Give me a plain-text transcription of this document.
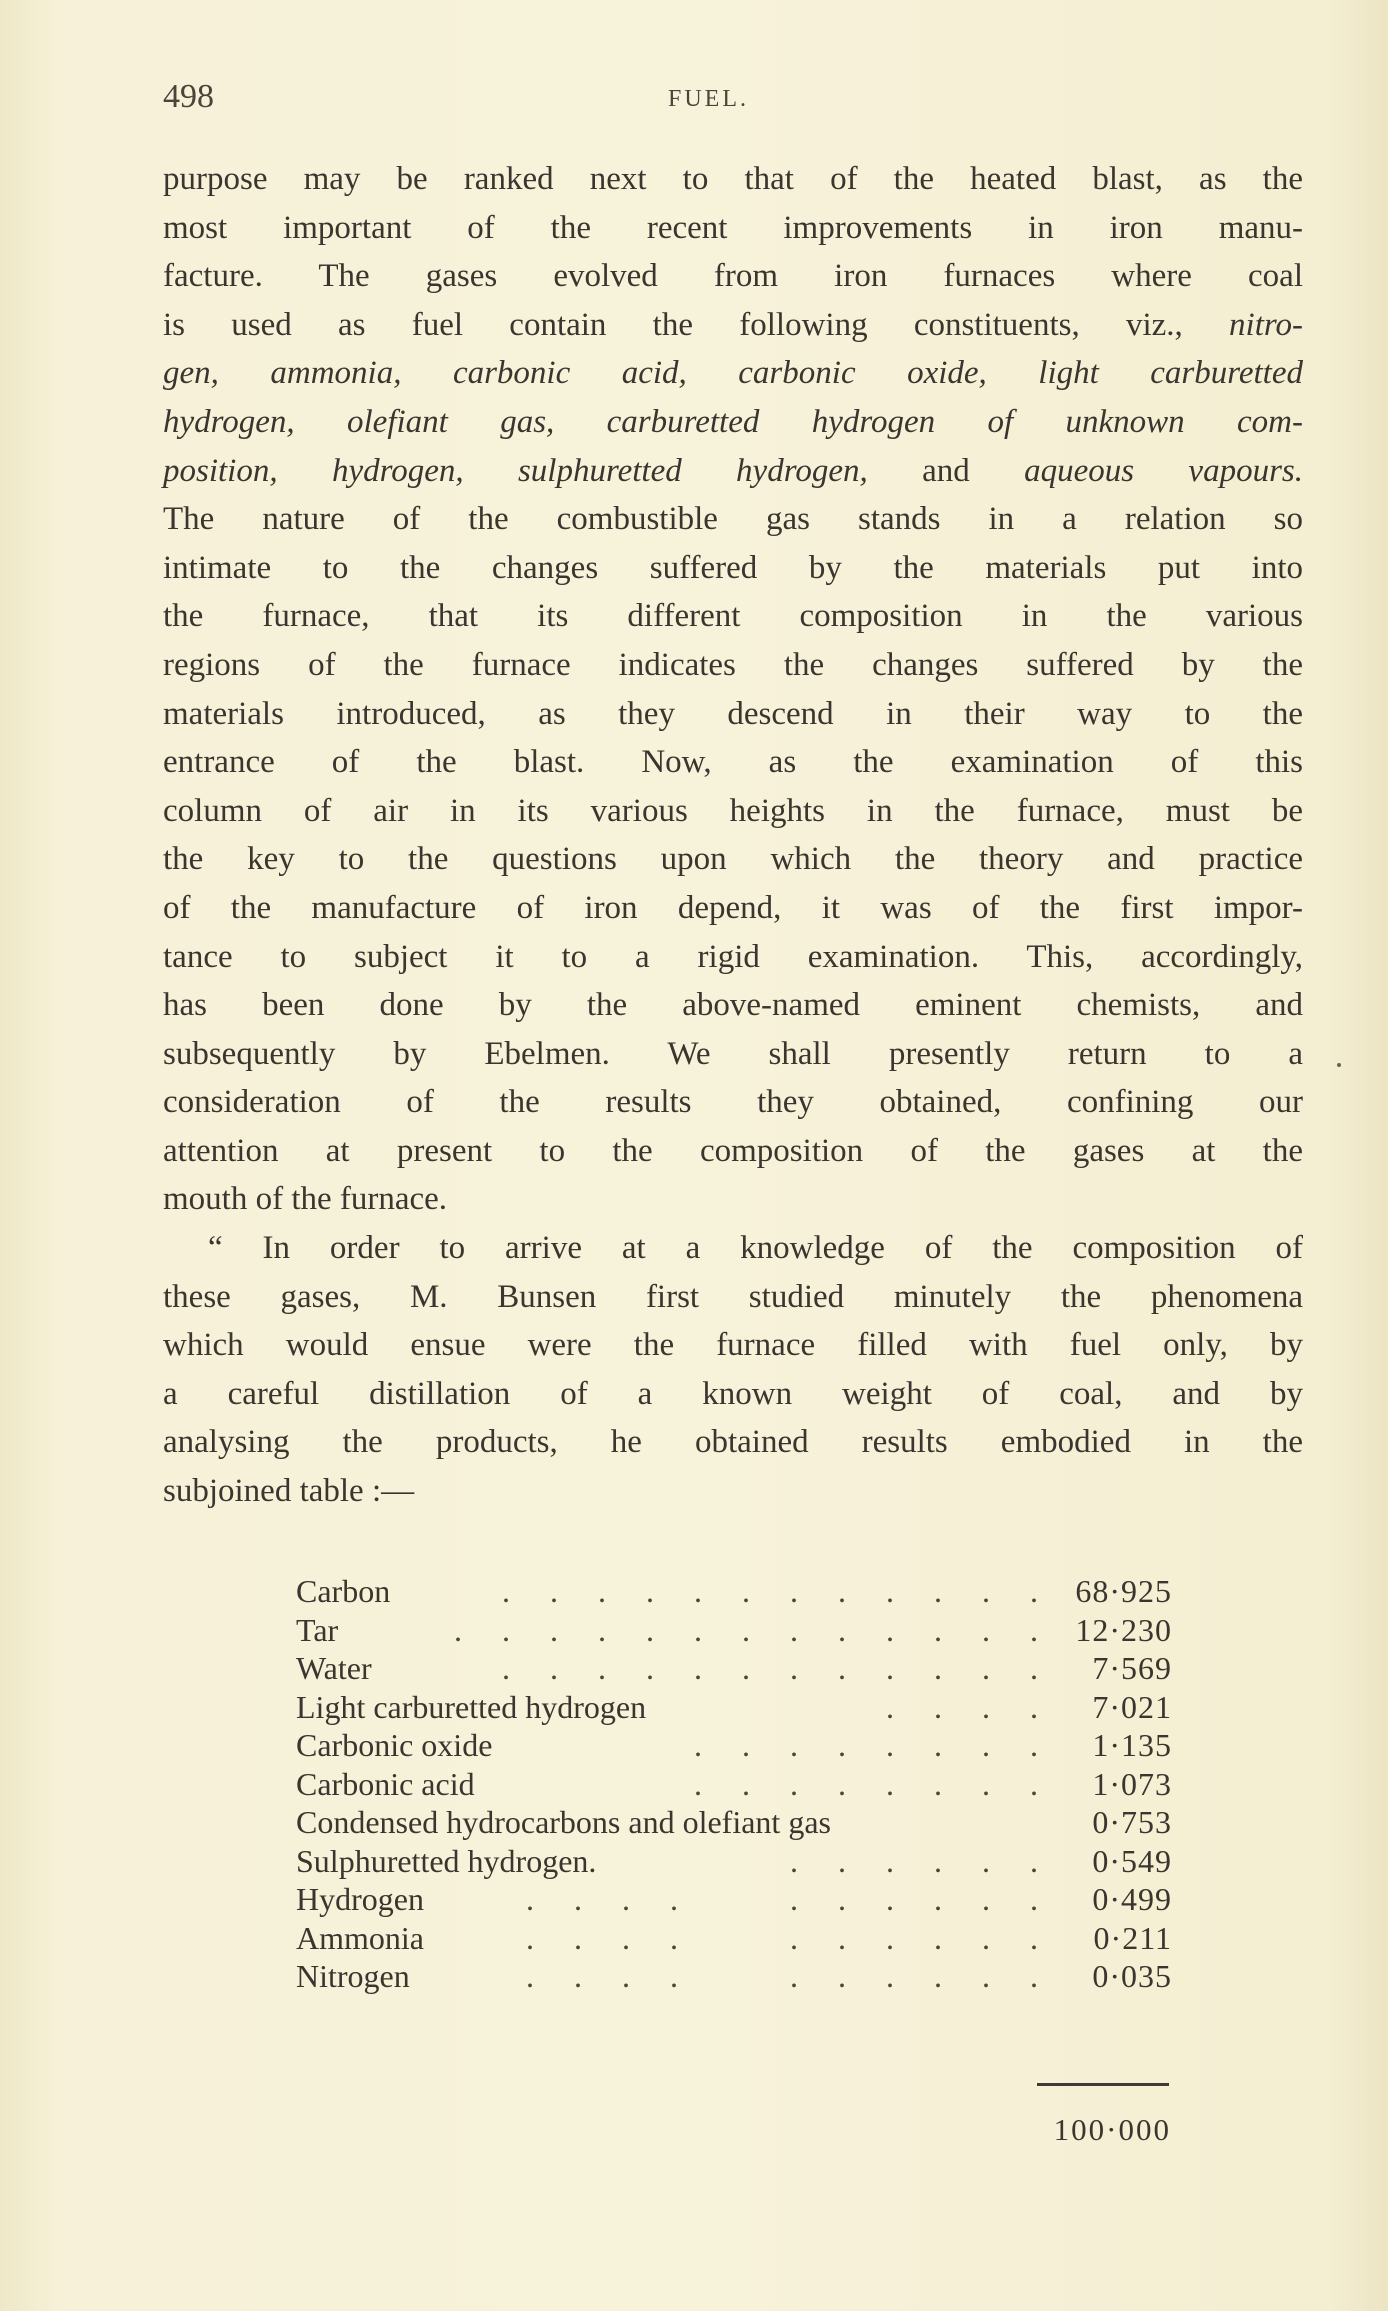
498	FUEL.
purpose may be ranked next to that of the heated blast, as the
most important of the recent improvements in iron manu-
facture. The gases evolved from iron furnaces where coal
is used as fuel contain the following constituents, viz., nitro-
gen, ammonia, carbonic acid, carbonic oxide, light carburetted
hydrogen, olefiant gas, carburetted hydrogen of unknown com-
position, hydrogen, sulphuretted hydrogen, and aqueous vapours.
The nature of the combustible gas stands in a relation so
intimate to the changes suffered by the materials put into
the furnace, that its different composition in the various
regions of the furnace indicates the changes suffered by the
materials introduced, as they descend in their way to the
entrance of the blast. Now, as the examination of this
column of air in its various heights in the furnace, must be
the key to the questions upon which the theory and practice
of the manufacture of iron depend, it was of the first impor-
tance to subject it to a rigid examination. This, accordingly,
has been done by the above-named eminent chemists, and
subsequently by Ebelmen. We shall presently return to a
consideration of the results they obtained, confining our
attention at present to the composition of the gases at the
mouth of the furnace.
“ In order to arrive at a knowledge of the composition of
these gases, M. Bunsen first studied minutely the phenomena
which would ensue were the furnace filled with fuel only, by
a careful distillation of a known weight of coal, and by
analysing the products, he obtained results embodied in the
subjoined table :—
Carbon	. . . . . . . . . . . . 68·925
Tar	. . . . . . . . . . . . . 12·230
Water	. . . . . . . . . . . . 7·569
Light carburetted hydrogen	. . . . 7·021
Carbonic oxide	. . . . . . . . 1·135
Carbonic acid	. . . . . . . . 1·073
Condensed hydrocarbons and olefiant gas	0·753
Sulphuretted hydrogen.	. . . . . . 0·549
Hydrogen	. . . .    . . . . . . 0·499
Ammonia	. . . .    . . . . . . 0·211
Nitrogen	. . . .    . . . . . . 0·035
100·000
